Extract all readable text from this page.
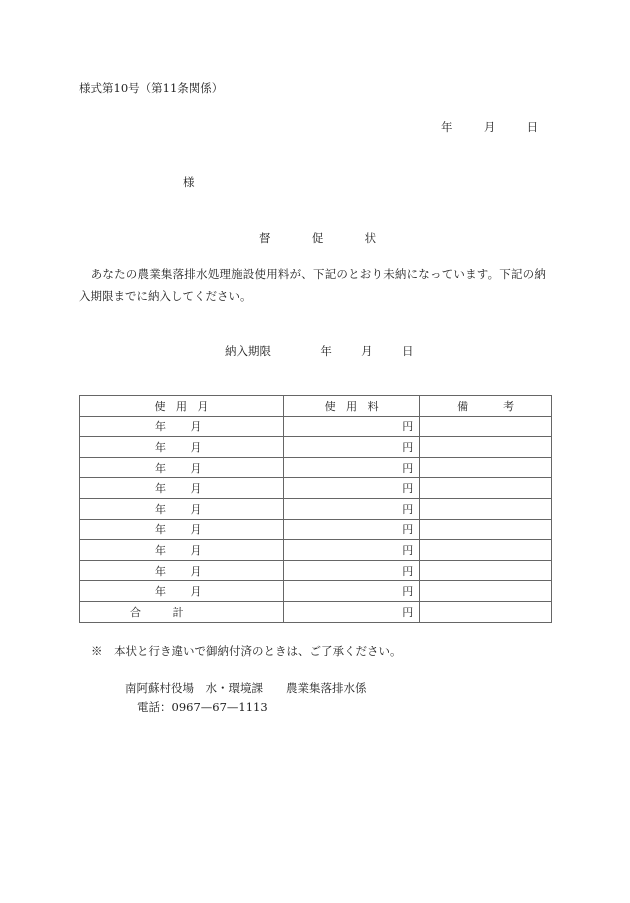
様式第10号（第11条関係）
年	月	日
様
督	促	状
　あなたの農業集落排水処理施設使用料が、下記のとおり未納になっています。下記の納
入期限までに納入してください。
納入期限	年	月	日
使 用 月	使 用 料	備 考
年 月	円	
年 月	円	
年 月	円	
年 月	円	
年 月	円	
年 月	円	
年 月	円	
年 月	円	
年 月	円	
合 計	円	
※　本状と行き違いで御納付済のときは、ご了承ください。
南阿蘇村役場　水・環境課　　農業集落排水係
電話：0967—67—1113
